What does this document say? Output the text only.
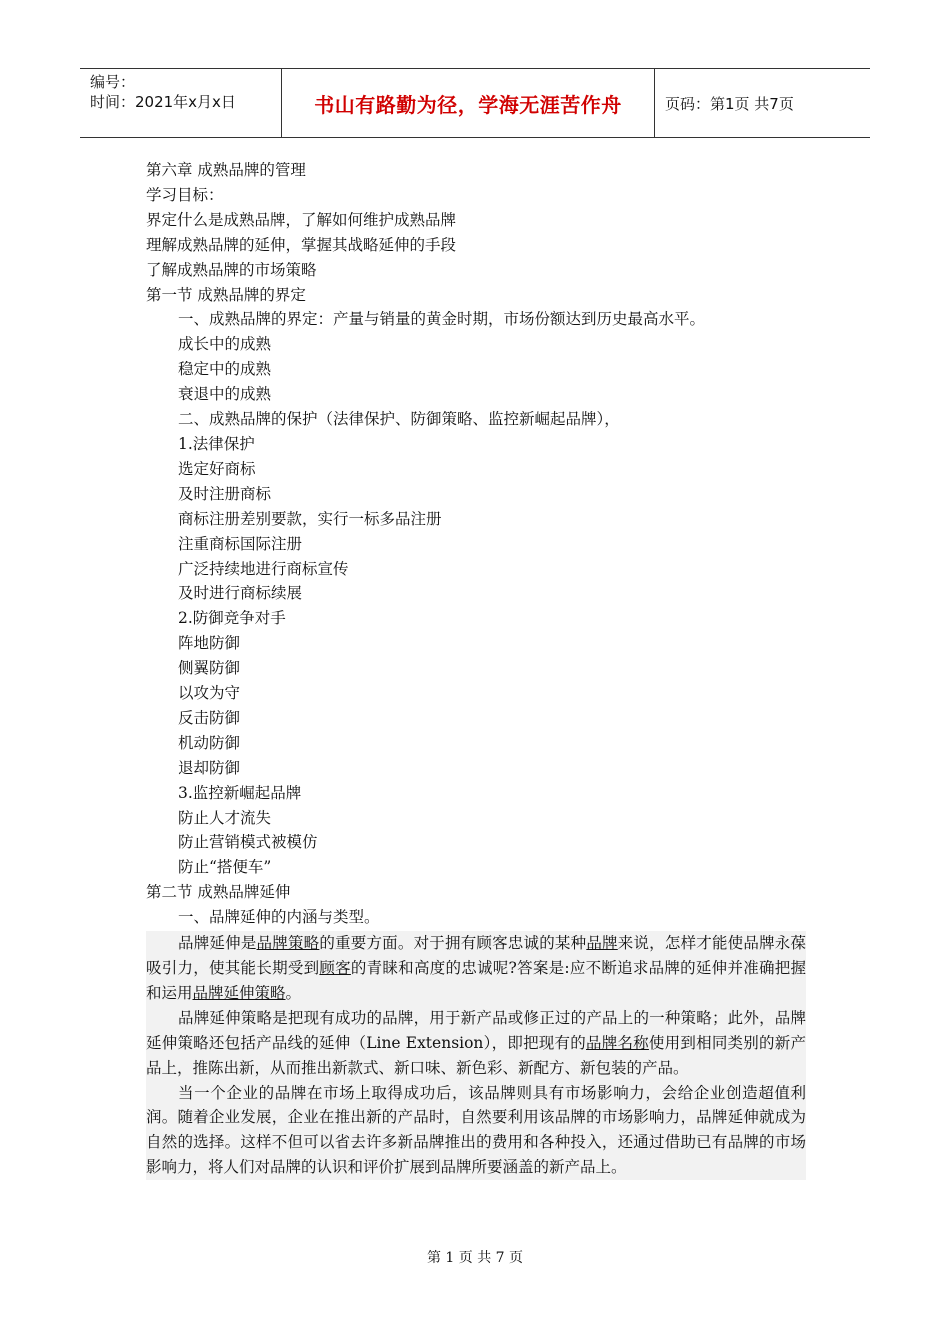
编号：
时间：2021年x月x日	书山有路勤为径，学海无涯苦作舟	页码：第1页 共7页
第六章 成熟品牌的管理
学习目标：
界定什么是成熟品牌，了解如何维护成熟品牌
理解成熟品牌的延伸，掌握其战略延伸的手段
了解成熟品牌的市场策略
第一节 成熟品牌的界定
一、成熟品牌的界定：产量与销量的黄金时期，市场份额达到历史最高水平。
成长中的成熟
稳定中的成熟
衰退中的成熟
二、成熟品牌的保护（法律保护、防御策略、监控新崛起品牌），
1.法律保护
选定好商标
及时注册商标
商标注册差别要款，实行一标多品注册
注重商标国际注册
广泛持续地进行商标宣传
及时进行商标续展
2.防御竞争对手
阵地防御
侧翼防御
以攻为守
反击防御
机动防御
退却防御
3.监控新崛起品牌
防止人才流失
防止营销模式被模仿
防止“搭便车”
第二节 成熟品牌延伸
一、品牌延伸的内涵与类型。

品牌延伸是品牌策略的重要方面。对于拥有顾客忠诚的某种品牌来说，怎样才能使品牌永葆吸引力，使其能长期受到顾客的青睐和高度的忠诚呢?答案是:应不断追求品牌的延伸并准确把握和运用品牌延伸策略。

品牌延伸策略是把现有成功的品牌，用于新产品或修正过的产品上的一种策略；此外，品牌延伸策略还包括产品线的延伸（Line Extension），即把现有的品牌名称使用到相同类别的新产品上，推陈出新，从而推出新款式、新口味、新色彩、新配方、新包装的产品。

当一个企业的品牌在市场上取得成功后，该品牌则具有市场影响力，会给企业创造超值利润。随着企业发展，企业在推出新的产品时，自然要利用该品牌的市场影响力，品牌延伸就成为自然的选择。这样不但可以省去许多新品牌推出的费用和各种投入，还通过借助已有品牌的市场影响力，将人们对品牌的认识和评价扩展到品牌所要涵盖的新产品上。

第 1 页 共 7 页
